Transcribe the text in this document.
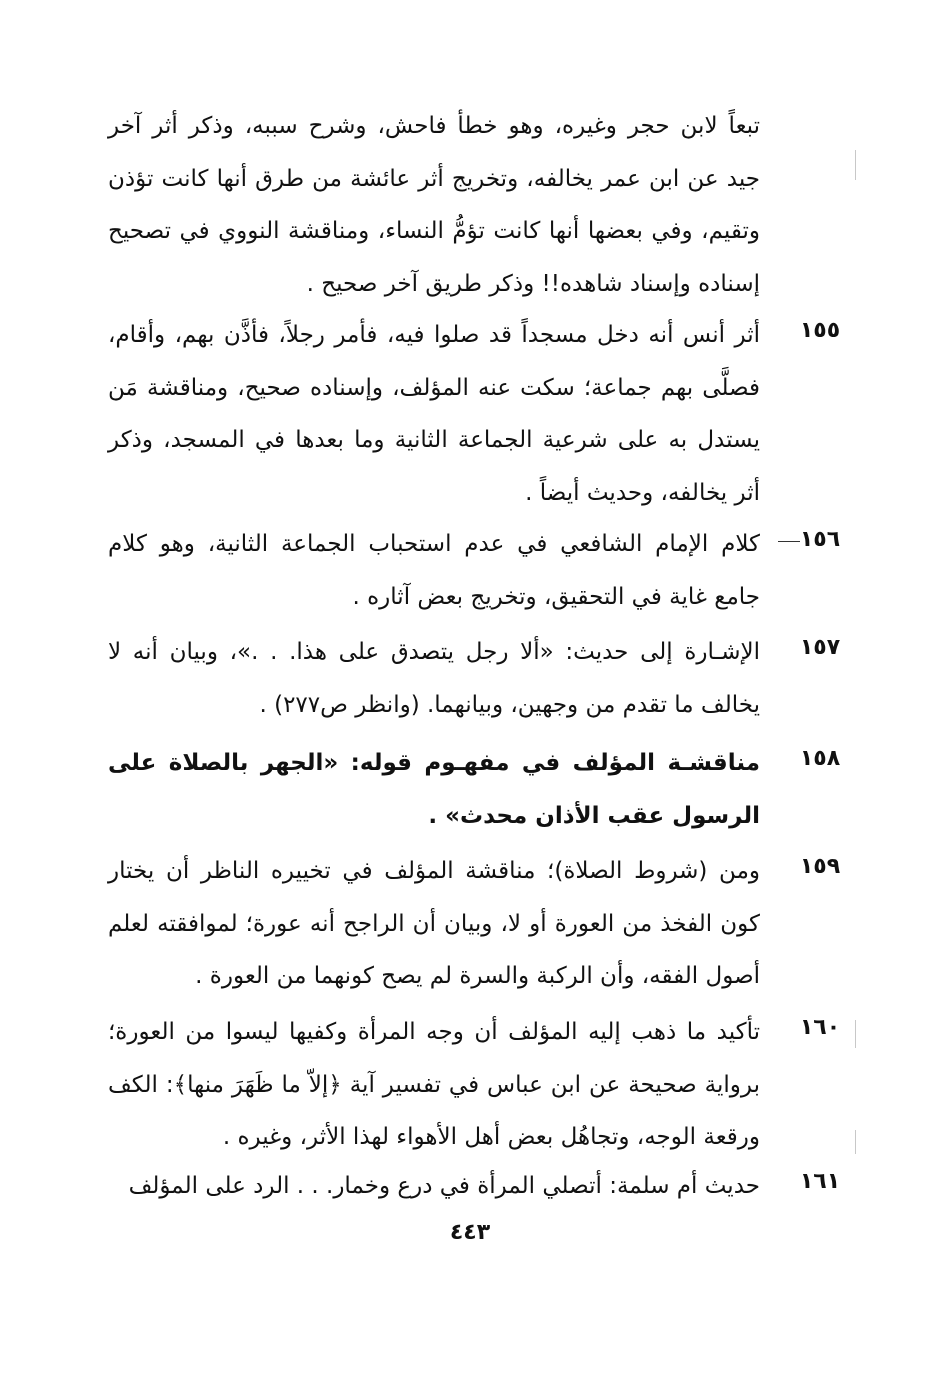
تبعاً لابن حجر وغيره، وهو خطأ فاحش، وشرح سببه، وذكر أثر آخر جيد عن ابن عمر يخالفه، وتخريج أثر عائشة من طرق أنها كانت تؤذن وتقيم، وفي بعضها أنها كانت تؤمُّ النساء، ومناقشة النووي في تصحيح إسناده وإسناد شاهده!! وذكر طريق آخر صحيح .
١٥٥
أثر أنس أنه دخل مسجداً قد صلوا فيه، فأمر رجلاً، فأذَّن بهم، وأقام، فصلَّى بهم جماعة؛ سكت عنه المؤلف، وإسناده صحيح، ومناقشة مَن يستدل به على شرعية الجماعة الثانية وما بعدها في المسجد، وذكر أثر يخالفه، وحديث أيضاً .
١٥٦
كلام الإمام الشافعي في عدم استحباب الجماعة الثانية، وهو كلام جامع غاية في التحقيق، وتخريج بعض آثاره .
١٥٧
الإشـارة إلى حديث: «ألا رجل يتصدق على هذا. . .»، وبيان أنه لا يخالف ما تقدم من وجهين، وبيانهما. (وانظر ص٢٧٧) .
١٥٨
مناقشـة المؤلف في مفهـوم قوله: «الجهر بالصلاة على الرسول عقب الأذان محدث» .
١٥٩
ومن (شروط الصلاة)؛ مناقشة المؤلف في تخييره الناظر أن يختار كون الفخذ من العورة أو لا، وبيان أن الراجح أنه عورة؛ لموافقته لعلم أصول الفقه، وأن الركبة والسرة لم يصح كونهما من العورة .
١٦٠
تأكيد ما ذهب إليه المؤلف أن وجه المرأة وكفيها ليسوا من العورة؛ برواية صحيحة عن ابن عباس في تفسير آية ﴿إلاّ ما ظَهَرَ منها﴾: الكف ورقعة الوجه، وتجاهُل بعض أهل الأهواء لهذا الأثر، وغيره .
١٦١
حديث أم سلمة: أتصلي المرأة في درع وخمار. . . الرد على المؤلف
٤٤٣
